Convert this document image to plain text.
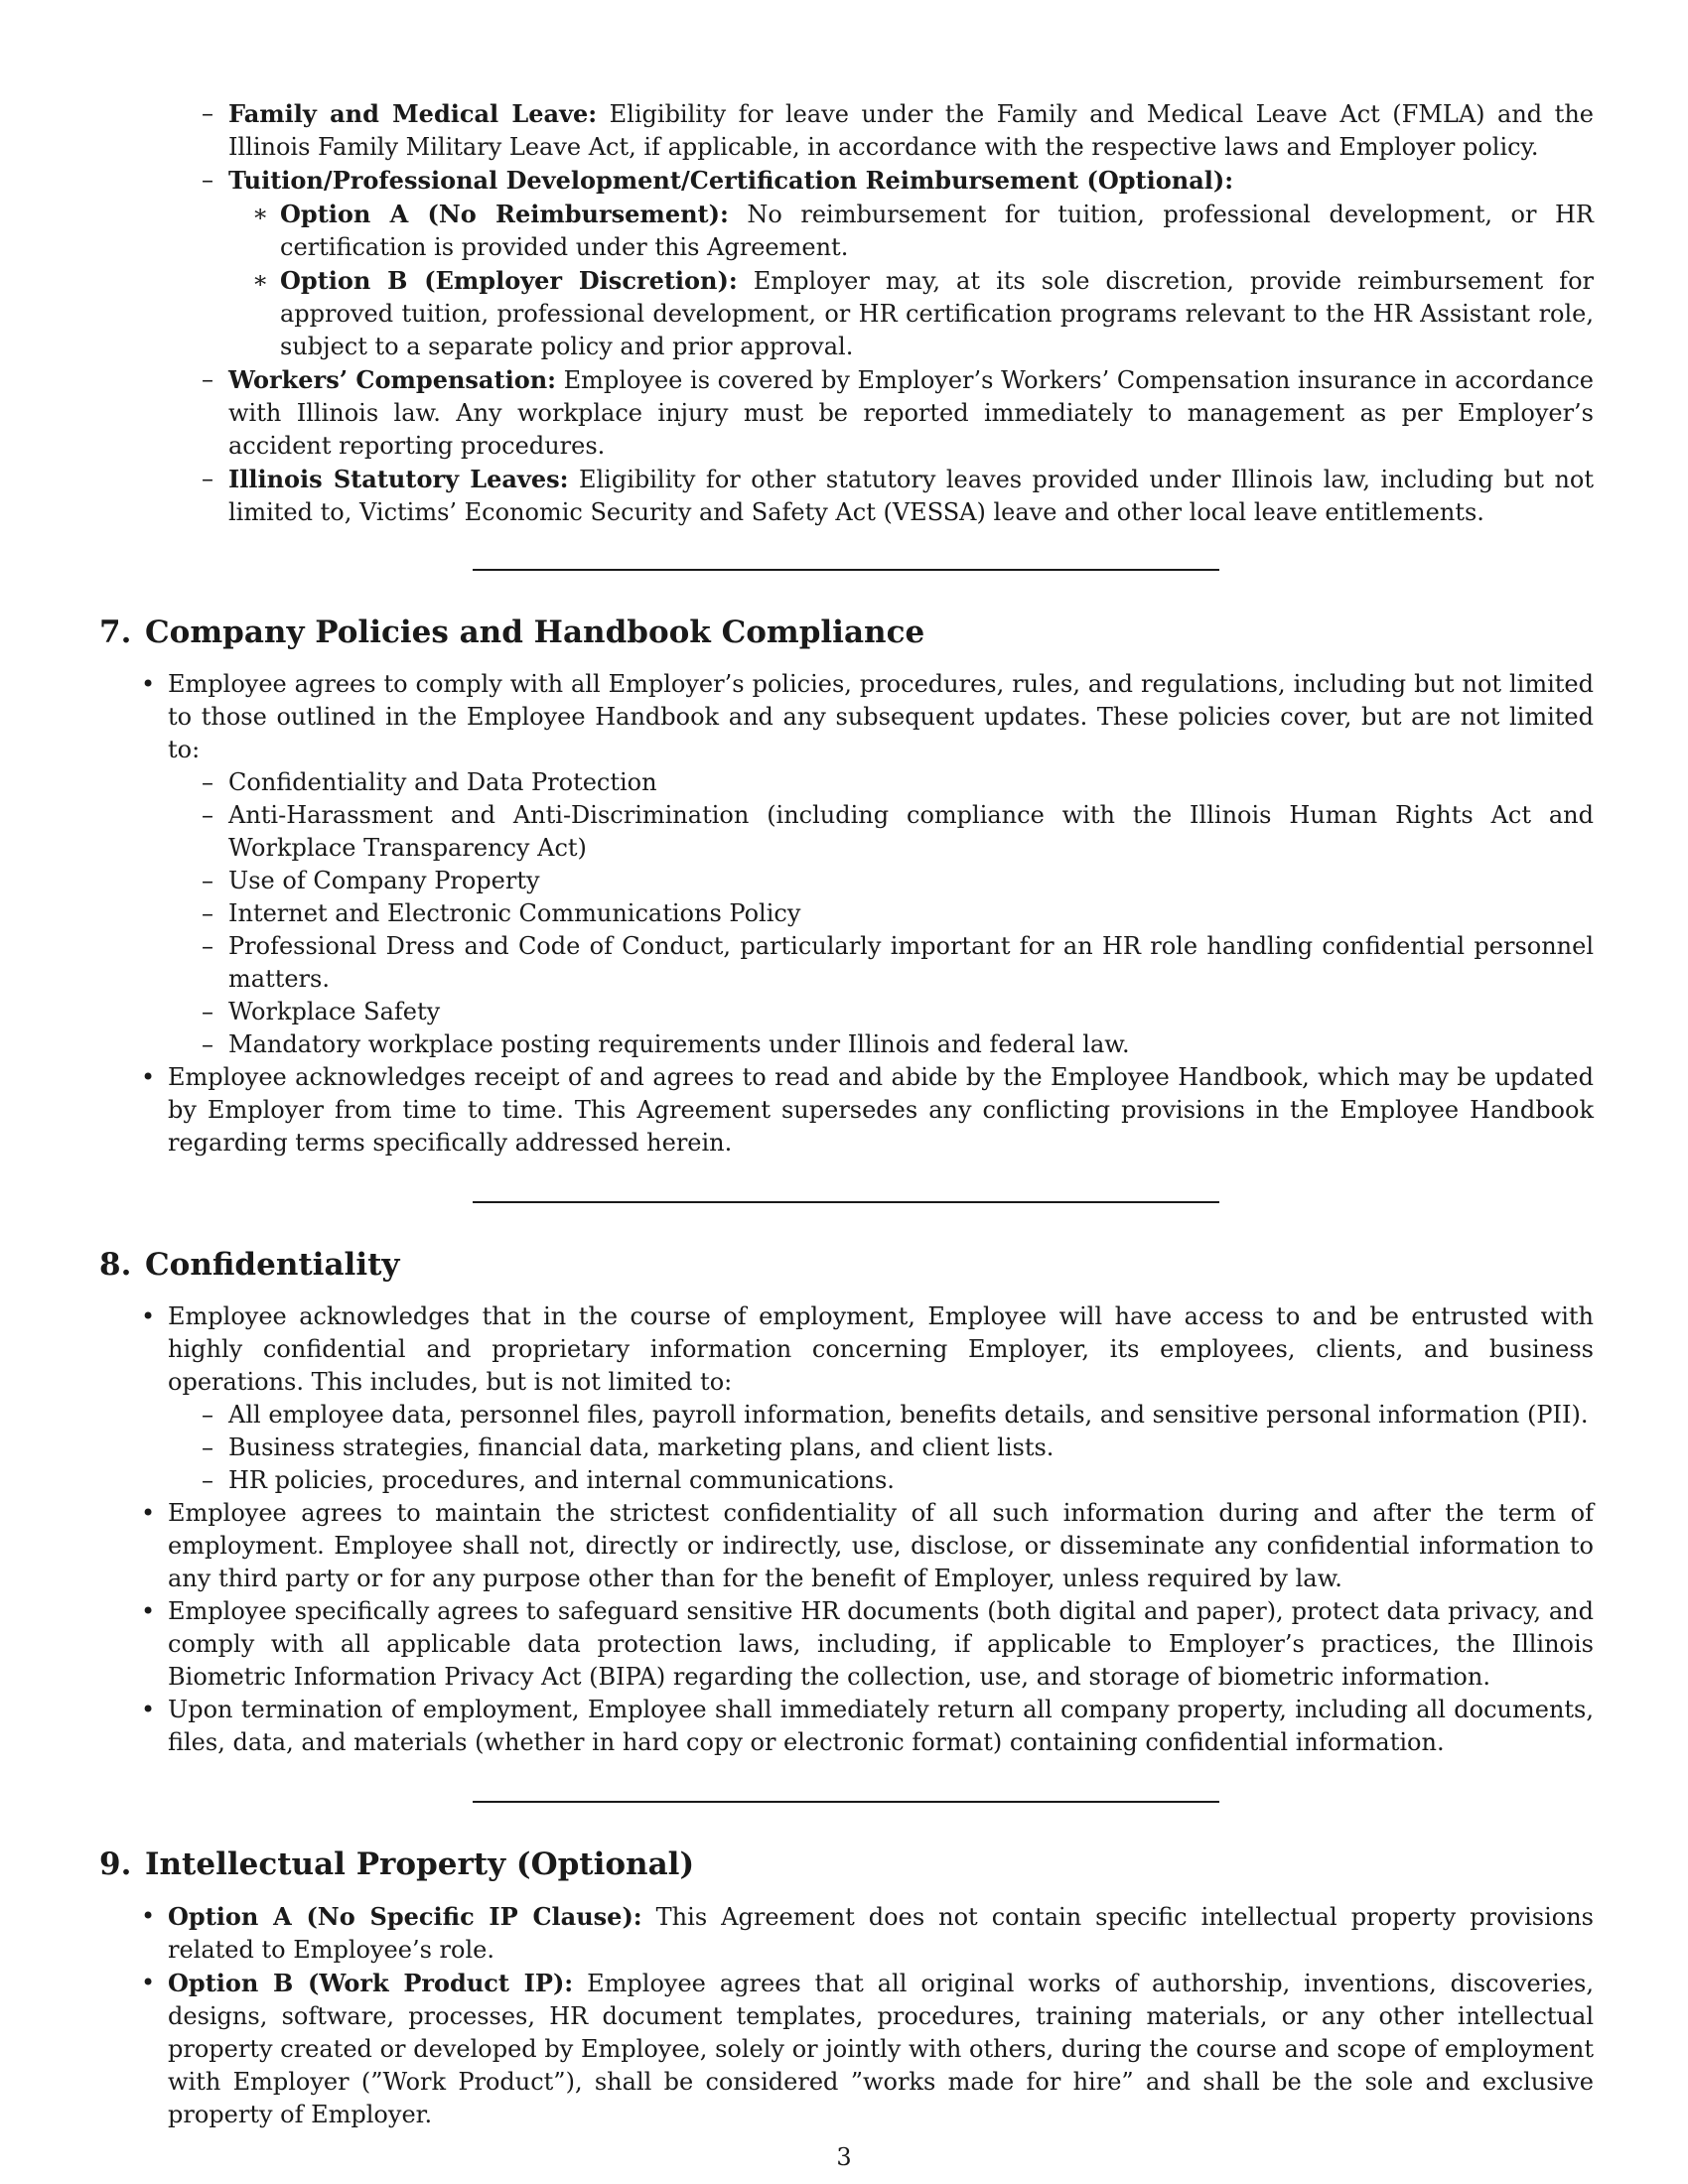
– Family and Medical Leave: Eligibility for leave under the Family and Medical Leave Act (FMLA) and the Illinois Family Military Leave Act, if applicable, in accordance with the respective laws and Employer policy.
– Tuition/Professional Development/Certification Reimbursement (Optional):
∗ Option A (No Reimbursement): No reimbursement for tuition, professional development, or HR certification is provided under this Agreement.
∗ Option B (Employer Discretion): Employer may, at its sole discretion, provide reimbursement for approved tuition, professional development, or HR certification programs relevant to the HR Assistant role, subject to a separate policy and prior approval.
– Workers’ Compensation: Employee is covered by Employer’s Workers’ Compensation insurance in accordance with Illinois law. Any workplace injury must be reported immediately to management as per Employer’s accident reporting procedures.
– Illinois Statutory Leaves: Eligibility for other statutory leaves provided under Illinois law, including but not limited to, Victims’ Economic Security and Safety Act (VESSA) leave and other local leave entitlements.
7. Company Policies and Handbook Compliance
• Employee agrees to comply with all Employer’s policies, procedures, rules, and regulations, including but not limited to those outlined in the Employee Handbook and any subsequent updates. These policies cover, but are not limited to:
– Confidentiality and Data Protection
– Anti-Harassment and Anti-Discrimination (including compliance with the Illinois Human Rights Act and Workplace Transparency Act)
– Use of Company Property
– Internet and Electronic Communications Policy
– Professional Dress and Code of Conduct, particularly important for an HR role handling confidential personnel matters.
– Workplace Safety
– Mandatory workplace posting requirements under Illinois and federal law.
• Employee acknowledges receipt of and agrees to read and abide by the Employee Handbook, which may be updated by Employer from time to time. This Agreement supersedes any conflicting provisions in the Employee Handbook regarding terms specifically addressed herein.
8. Confidentiality
• Employee acknowledges that in the course of employment, Employee will have access to and be entrusted with highly confidential and proprietary information concerning Employer, its employees, clients, and business operations. This includes, but is not limited to:
– All employee data, personnel files, payroll information, benefits details, and sensitive personal information (PII).
– Business strategies, financial data, marketing plans, and client lists.
– HR policies, procedures, and internal communications.
• Employee agrees to maintain the strictest confidentiality of all such information during and after the term of employment. Employee shall not, directly or indirectly, use, disclose, or disseminate any confidential information to any third party or for any purpose other than for the benefit of Employer, unless required by law.
• Employee specifically agrees to safeguard sensitive HR documents (both digital and paper), protect data privacy, and comply with all applicable data protection laws, including, if applicable to Employer’s practices, the Illinois Biometric Information Privacy Act (BIPA) regarding the collection, use, and storage of biometric information.
• Upon termination of employment, Employee shall immediately return all company property, including all documents, files, data, and materials (whether in hard copy or electronic format) containing confidential information.
9. Intellectual Property (Optional)
• Option A (No Specific IP Clause): This Agreement does not contain specific intellectual property provisions related to Employee’s role.
• Option B (Work Product IP): Employee agrees that all original works of authorship, inventions, discoveries, designs, software, processes, HR document templates, procedures, training materials, or any other intellectual property created or developed by Employee, solely or jointly with others, during the course and scope of employment with Employer (”Work Product”), shall be considered ”works made for hire” and shall be the sole and exclusive property of Employer.
3
